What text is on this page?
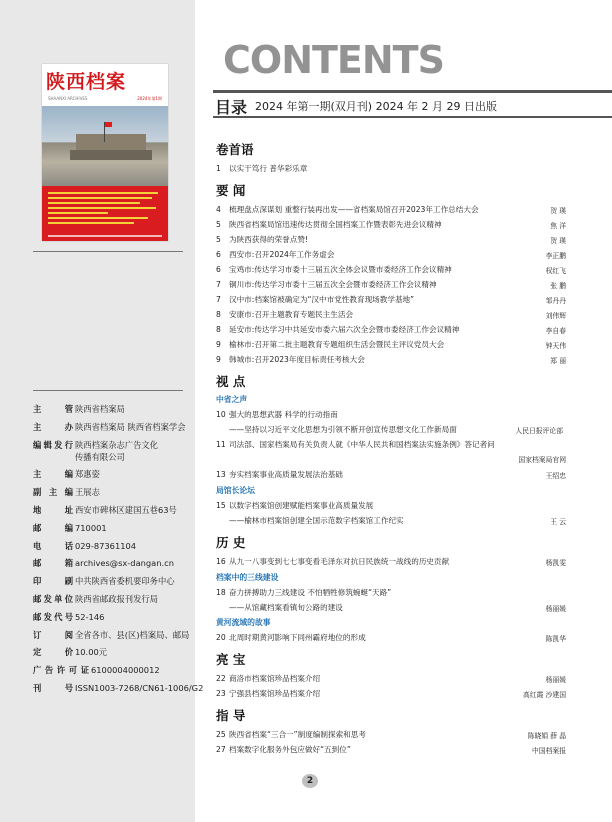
陕西档案
SHAANXI ARCHIVES	2024年第1期
主管 陕西省档案局
主办 陕西省档案局 陕西省档案学会
编辑发行 陕西档案杂志广告文化
传播有限公司
主编 郑惠姿
副主编 王展志
地址 西安市碑林区建国五巷63号
邮编 710001
电话 029-87361104
邮箱 archives@sx-dangan.cn
印刷 中共陕西省委机要印务中心
邮发单位 陕西省邮政报刊发行局
邮发代号 52-146
订阅 全省各市、县(区)档案局、邮局
定价 10.00元
广告许可证 6100004000012
刊号 ISSN1003-7268/CN61-1006/G2
CONTENTS
目录 2024 年第一期(双月刊) 2024 年 2 月 29 日出版
卷首语
1 以实干笃行 普华彩乐章
要 闻
4 梳理盘点深谋划 重整行装再出发——省档案局馆召开2023年工作总结大会	贺 瑛
5 陕西省档案局馆迅速传达贯彻全国档案工作暨表彰先进会议精神	焦 洋
5 为陕西获得的荣誉点赞!	贺 瑛
6 西安市:召开2024年工作务虚会	李正鹏
6 宝鸡市:传达学习市委十三届五次全体会议暨市委经济工作会议精神	权红飞
7 铜川市:传达学习市委十三届五次全会暨市委经济工作会议精神	张 鹏
7 汉中市:档案馆被确定为“汉中市党性教育现场教学基地”	邹丹丹
8 安康市:召开主题教育专题民主生活会	刘伟辉
8 延安市:传达学习中共延安市委六届六次全会暨市委经济工作会议精神	李自春
9 榆林市:召开第二批主题教育专题组织生活会暨民主评议党员大会	钟天伟
9 韩城市:召开2023年度目标责任考核大会	郑 丽
视 点
中省之声
10 强大的思想武器 科学的行动指南
——坚持以习近平文化思想为引领不断开创宣传思想文化工作新局面	人民日报评论部
11 司法部、国家档案局有关负责人就《中华人民共和国档案法实施条例》答记者问
国家档案局官网
13 夯实档案事业高质量发展法治基础	王绍忠
局馆长论坛
15 以数字档案馆创建赋能档案事业高质量发展
——榆林市档案馆创建全国示范数字档案馆工作纪实	王 云
历 史
16 从九一八事变到七七事变看毛泽东对抗日民族统一战线的历史贡献	杨凯雯
档案中的三线建设
18 奋力拼搏助力三线建设 不怕牺牲修筑蜿蜒“天路”
——从馆藏档案看镇旬公路的建设	杨丽媛
黄河流域的故事
20 北周时期黄河影响下同州霸府地位的形成	陈凯华
亮 宝
22 商洛市档案馆珍品档案介绍	杨丽媛
23 宁强县档案馆珍品档案介绍	高红霞 沙建国
指 导
25 陕西省档案“三合一”制度编制探索和思考	陈晓娟 薛 晶
27 档案数字化服务外包应做好“五到位”	中国档案报
2
